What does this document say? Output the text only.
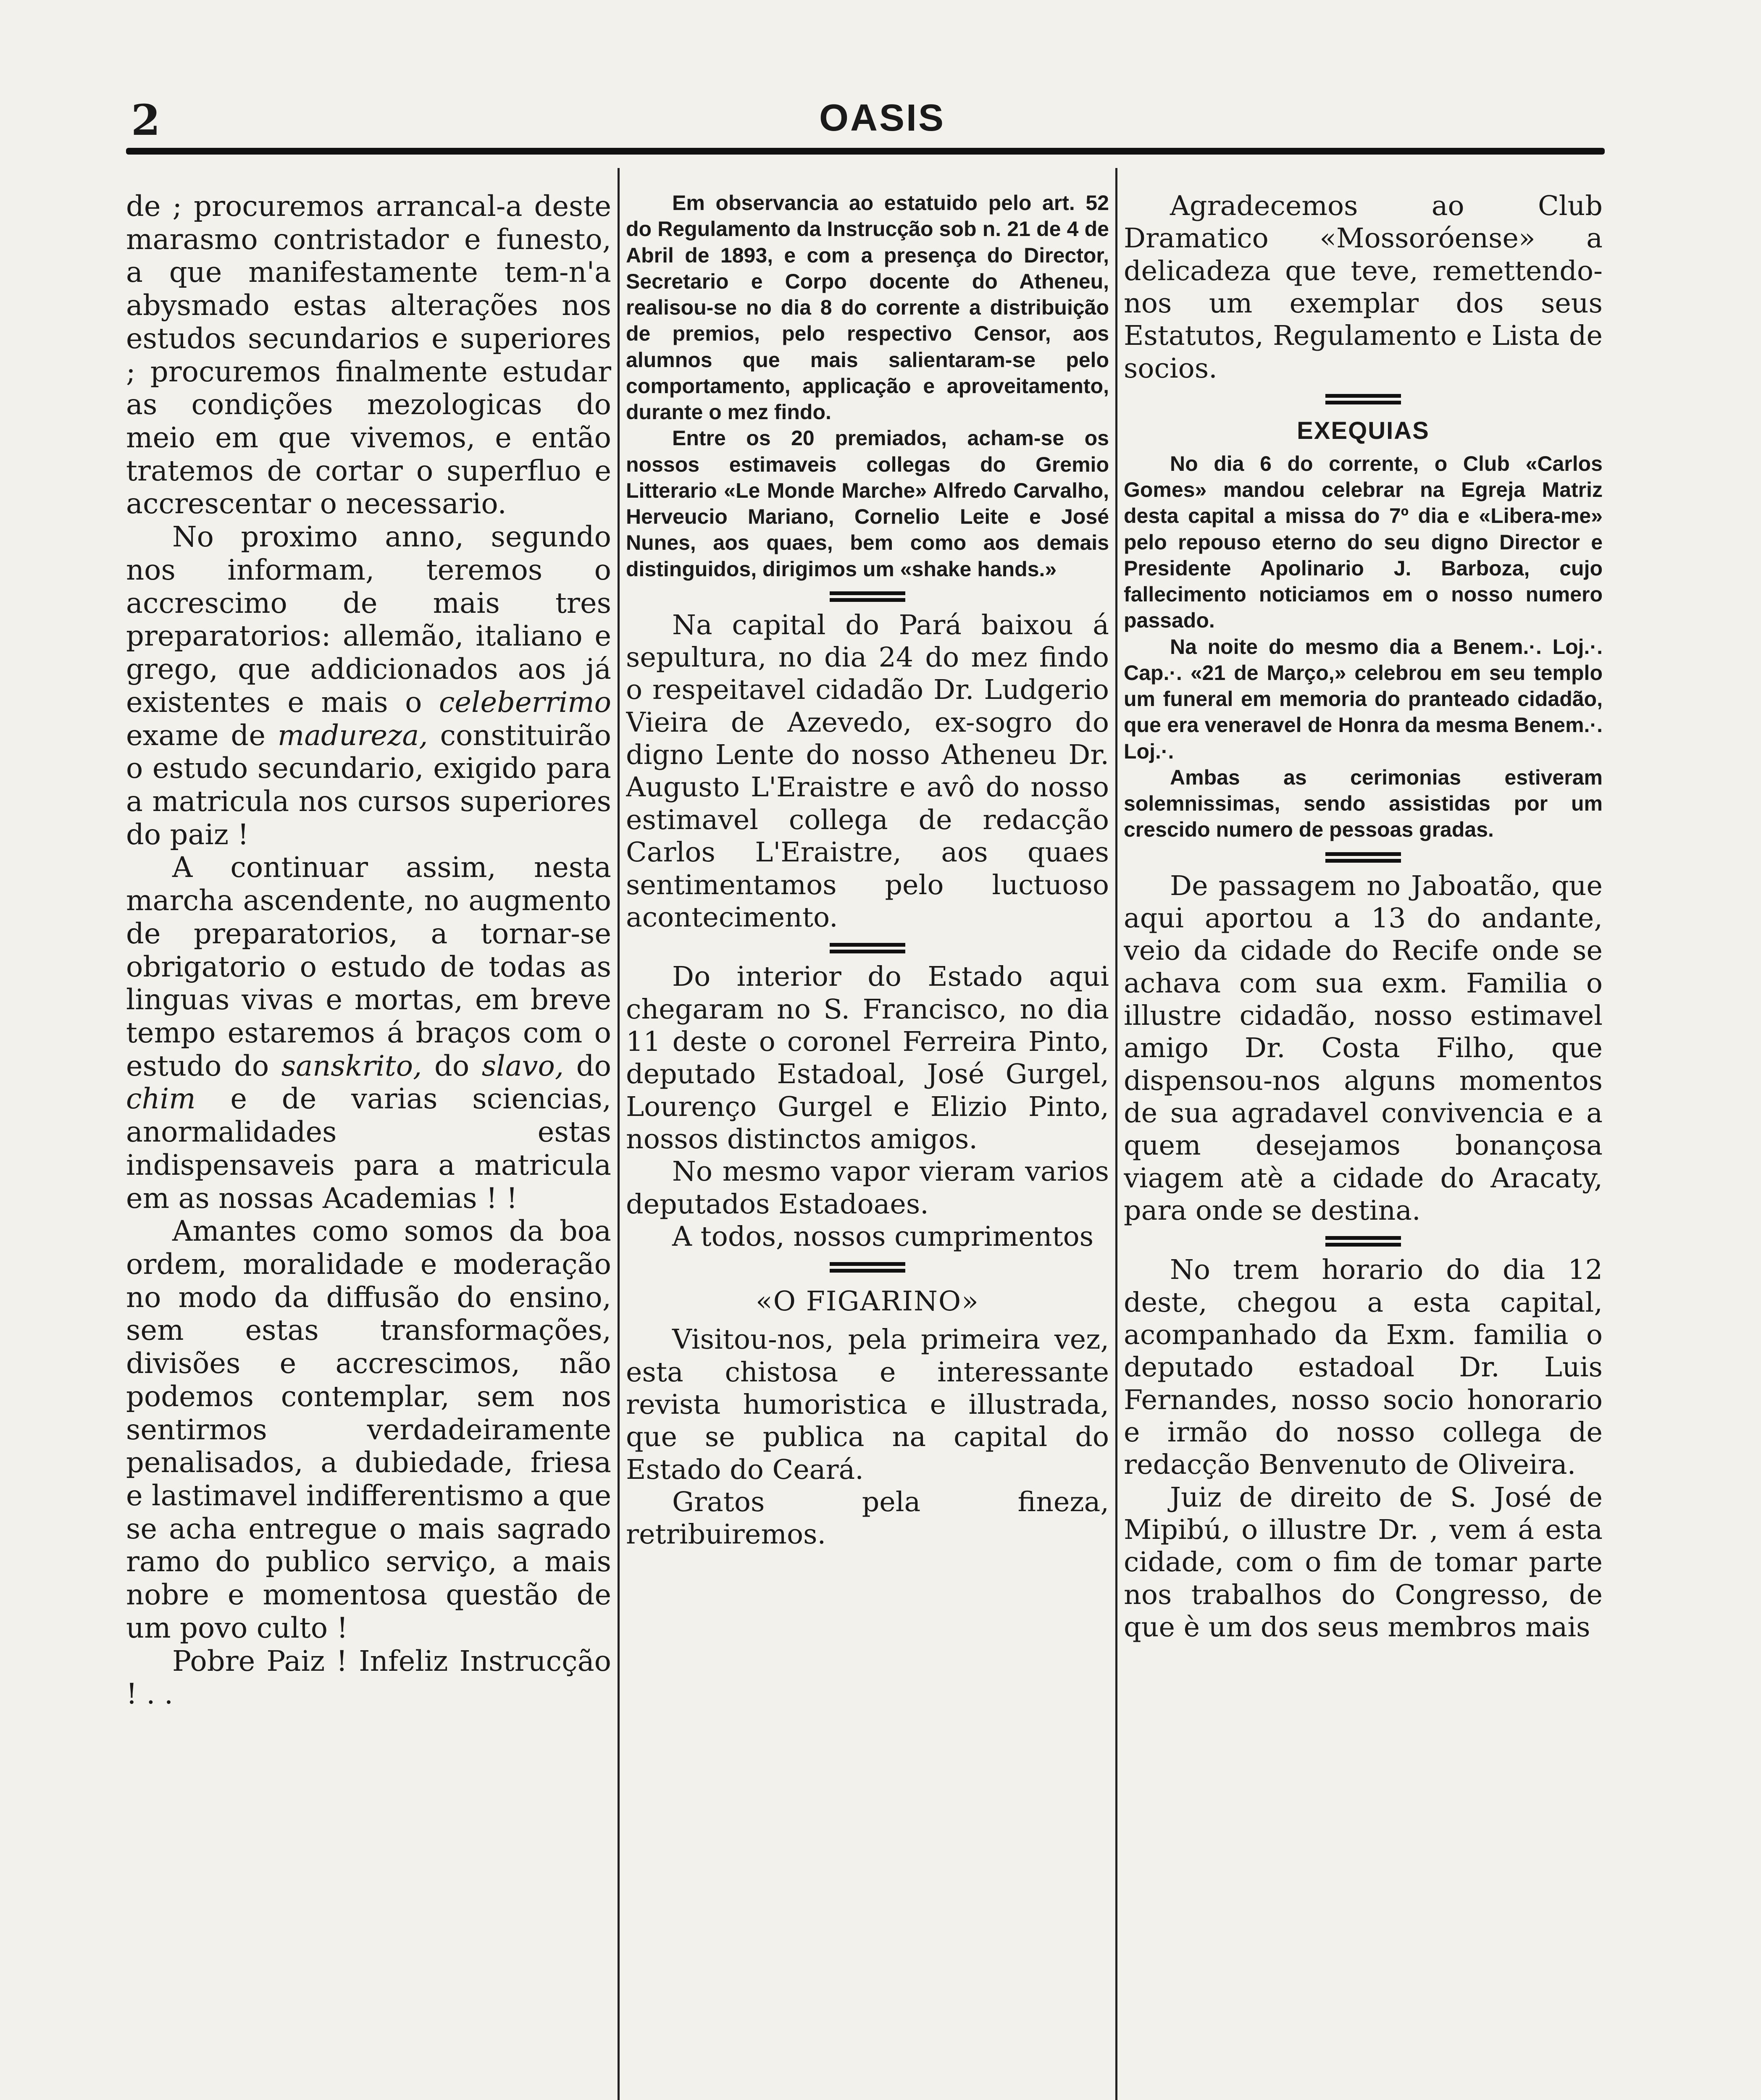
2	OASIS

de ; procuremos arrancal-a deste marasmo contristador e funesto, a que manifestamente tem-n'a abysmado estas alterações nos estudos secundarios e superiores ; procuremos finalmente estudar as condições mezologicas do meio em que vivemos, e então tratemos de cortar o superfluo e accrescentar o necessario.

No proximo anno, segundo nos informam, teremos o accrescimo de mais tres preparatorios: allemão, italiano e grego, que addicionados aos já existentes e mais o celeberrimo exame de madureza, constituirão o estudo secundario, exigido para a matricula nos cursos superiores do paiz !

A continuar assim, nesta marcha ascendente, no augmento de preparatorios, a tornar-se obrigatorio o estudo de todas as linguas vivas e mortas, em breve tempo estaremos á braços com o estudo do sanskrito, do slavo, do chim e de varias sciencias, anormalidades estas indispensaveis para a matricula em as nossas Academias ! !

Amantes como somos da boa ordem, moralidade e moderação no modo da diffusão do ensino, sem estas transformações, divisões e accrescimos, não podemos contemplar, sem nos sentirmos verdadeiramente penalisados, a dubiedade, friesa e lastimavel indifferentismo a que se acha entregue o mais sagrado ramo do publico serviço, a mais nobre e momentosa questão de um povo culto !

Pobre Paiz ! Infeliz Instrucção ! . .

Em observancia ao estatuido pelo art. 52 do Regulamento da Instrucção sob n. 21 de 4 de Abril de 1893, e com a presença do Director, Secretario e Corpo docente do Atheneu, realisou-se no dia 8 do corrente a distribuição de premios, pelo respectivo Censor, aos alumnos que mais salientaram-se pelo comportamento, applicação e aproveitamento, durante o mez findo.

Entre os 20 premiados, acham-se os nossos estimaveis collegas do Gremio Litterario «Le Monde Marche» Alfredo Carvalho, Herveucio Mariano, Cornelio Leite e José Nunes, aos quaes, bem como aos demais distinguidos, dirigimos um «shake hands.»

Na capital do Pará baixou á sepultura, no dia 24 do mez findo o respeitavel cidadão Dr. Ludgerio Vieira de Azevedo, ex-sogro do digno Lente do nosso Atheneu Dr. Augusto L'Eraistre e avô do nosso estimavel collega de redacção Carlos L'Eraistre, aos quaes sentimentamos pelo luctuoso acontecimento.

Do interior do Estado aqui chegaram no S. Francisco, no dia 11 deste o coronel Ferreira Pinto, deputado Estadoal, José Gurgel, Lourenço Gurgel e Elizio Pinto, nossos distinctos amigos.

No mesmo vapor vieram varios deputados Estadoaes.

A todos, nossos cumprimentos

«O FIGARINO»

Visitou-nos, pela primeira vez, esta chistosa e interessante revista humoristica e illustrada, que se publica na capital do Estado do Ceará.

Gratos pela fineza, retribuiremos.

Agradecemos ao Club Dramatico «Mossoróense» a delicadeza que teve, remettendo-nos um exemplar dos seus Estatutos, Regulamento e Lista de socios.

EXEQUIAS

No dia 6 do corrente, o Club «Carlos Gomes» mandou celebrar na Egreja Matriz desta capital a missa do 7º dia e «Libera-me» pelo repouso eterno do seu digno Director e Presidente Apolinario J. Barboza, cujo fallecimento noticiamos em o nosso numero passado.

Na noite do mesmo dia a Benem.·. Loj.·. Cap.·. «21 de Março,» celebrou em seu templo um funeral em memoria do pranteado cidadão, que era veneravel de Honra da mesma Benem.·. Loj.·.

Ambas as cerimonias estiveram solemnissimas, sendo assistidas por um crescido numero de pessoas gradas.

De passagem no Jaboatão, que aqui aportou a 13 do andante, veio da cidade do Recife onde se achava com sua exm. Familia o illustre cidadão, nosso estimavel amigo Dr. Costa Filho, que dispensou-nos alguns momentos de sua agradavel convivencia e a quem desejamos bonançosa viagem atè a cidade do Aracaty, para onde se destina.

No trem horario do dia 12 deste, chegou a esta capital, acompanhado da Exm. familia o deputado estadoal Dr. Luis Fernandes, nosso socio honorario e irmão do nosso collega de redacção Benvenuto de Oliveira.

Juiz de direito de S. José de Mipibú, o illustre Dr. , vem á esta cidade, com o fim de tomar parte nos trabalhos do Congresso, de que è um dos seus membros mais
